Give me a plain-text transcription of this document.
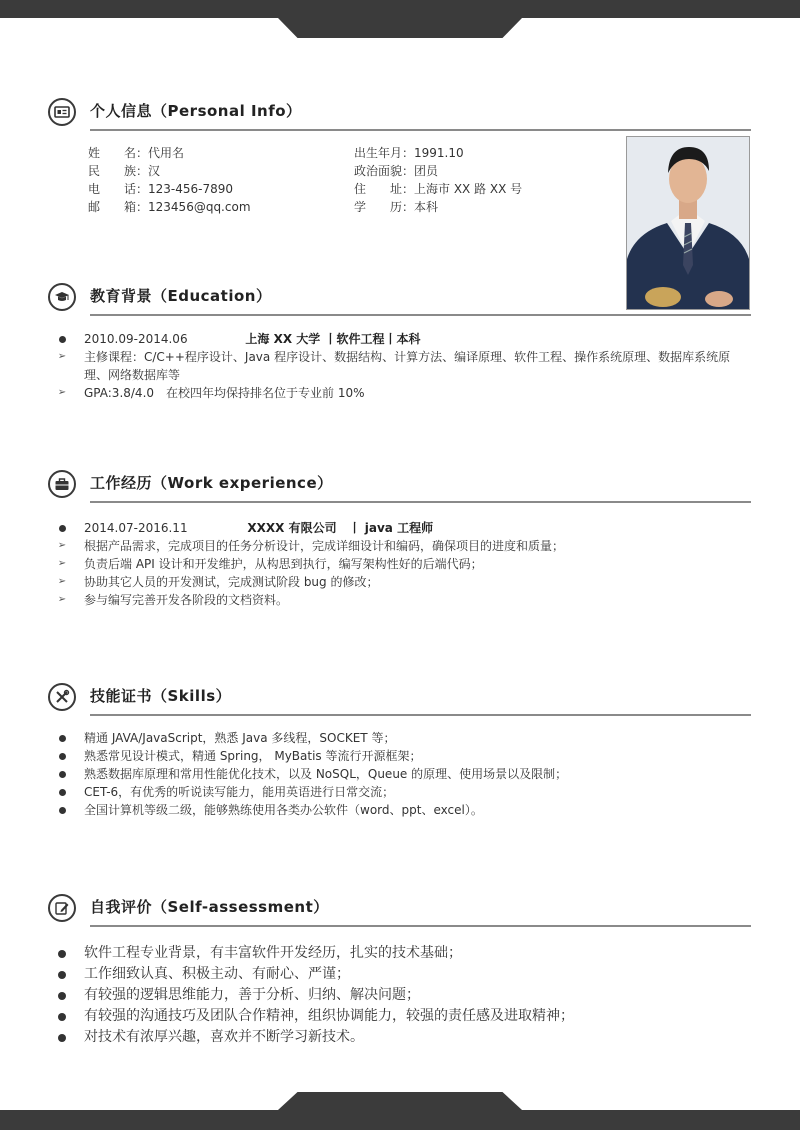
个人信息（Personal Info）
姓　　名：代用名
民　　族：汉
电　　话：123-456-7890
邮　　箱：123456@qq.com
出生年月：1991.10
政治面貌：团员
住　　址：上海市 XX 路 XX 号
学　　历：本科
教育背景（Education）
2010.09-2014.06	上海 XX 大学 丨软件工程丨本科
➢ 主修课程：C/C++程序设计、Java 程序设计、数据结构、计算方法、编译原理、软件工程、操作系统原理、数据库系统原理、网络数据库等
➢ GPA:3.8/4.0　在校四年均保持排名位于专业前 10%
工作经历（Work experience）
2014.07-2016.11	XXXX 有限公司　丨 java 工程师
➢ 根据产品需求，完成项目的任务分析设计，完成详细设计和编码，确保项目的进度和质量；
➢ 负责后端 API 设计和开发维护，从构思到执行，编写架构性好的后端代码；
➢ 协助其它人员的开发测试，完成测试阶段 bug 的修改；
➢ 参与编写完善开发各阶段的文档资料。
技能证书（Skills）
精通 JAVA/JavaScript，熟悉 Java 多线程，SOCKET 等；
熟悉常见设计模式，精通 Spring， MyBatis 等流行开源框架；
熟悉数据库原理和常用性能优化技术，以及 NoSQL，Queue 的原理、使用场景以及限制；
CET-6，有优秀的听说读写能力，能用英语进行日常交流；
全国计算机等级二级，能够熟练使用各类办公软件（word、ppt、excel）。
自我评价（Self-assessment）
软件工程专业背景，有丰富软件开发经历，扎实的技术基础；
工作细致认真、积极主动、有耐心、严谨；
有较强的逻辑思维能力，善于分析、归纳、解决问题；
有较强的沟通技巧及团队合作精神，组织协调能力，较强的责任感及进取精神；
对技术有浓厚兴趣，喜欢并不断学习新技术。
